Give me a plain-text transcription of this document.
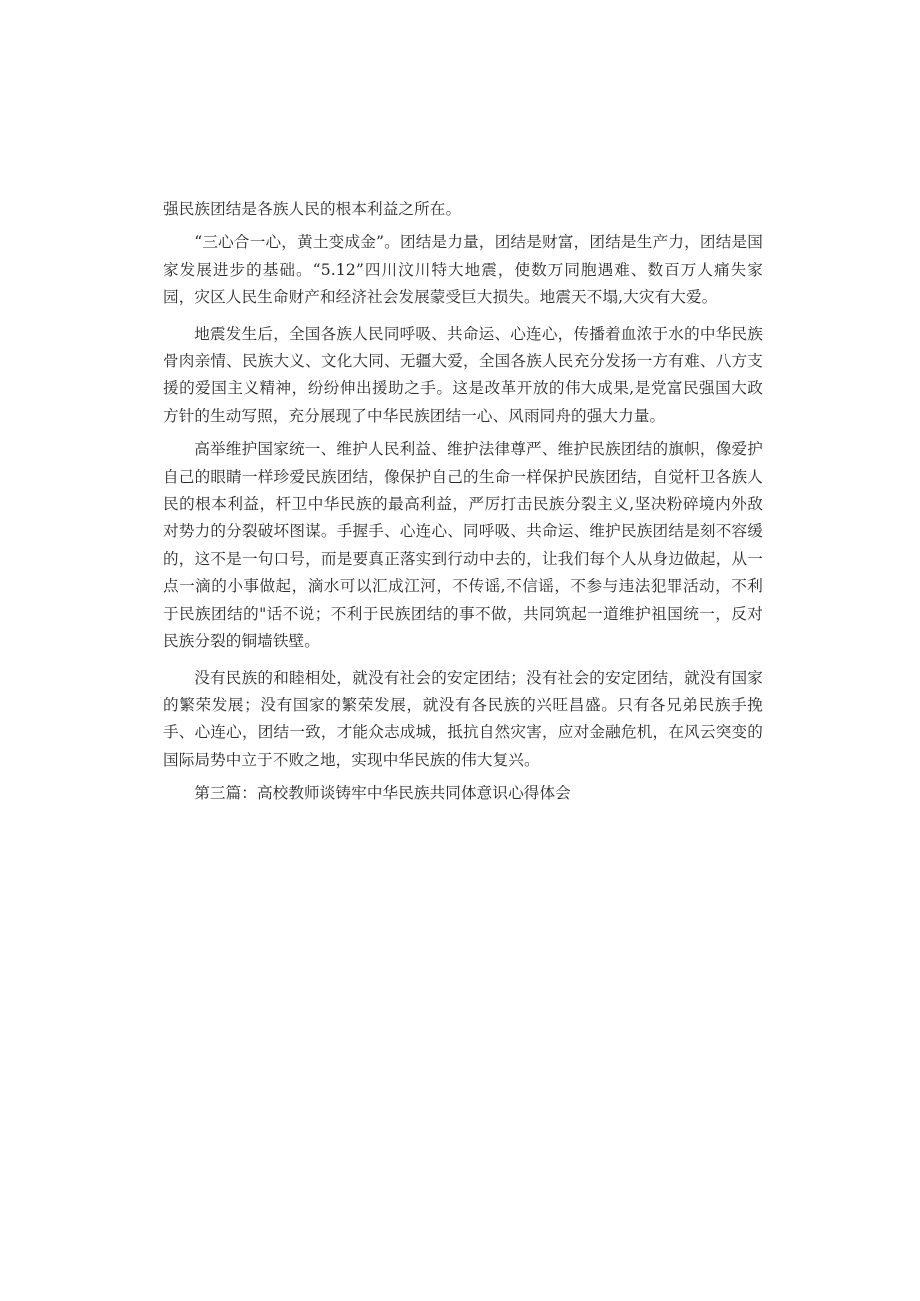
强民族团结是各族人民的根本利益之所在。

“三心合一心，黄土变成金”。团结是力量，团结是财富，团结是生产力，团结是国家发展进步的基础。“5.12”四川汶川特大地震，使数万同胞遇难、数百万人痛失家园，灾区人民生命财产和经济社会发展蒙受巨大损失。地震天不塌,大灾有大爱。

地震发生后，全国各族人民同呼吸、共命运、心连心，传播着血浓于水的中华民族骨肉亲情、民族大义、文化大同、无疆大爱，全国各族人民充分发扬一方有难、八方支援的爱国主义精神，纷纷伸出援助之手。这是改革开放的伟大成果,是党富民强国大政方针的生动写照，充分展现了中华民族团结一心、风雨同舟的强大力量。

高举维护国家统一、维护人民利益、维护法律尊严、维护民族团结的旗帜，像爱护自己的眼睛一样珍爱民族团结，像保护自己的生命一样保护民族团结，自觉杆卫各族人民的根本利益，杆卫中华民族的最高利益，严厉打击民族分裂主义,坚决粉碎境内外敌对势力的分裂破坏图谋。手握手、心连心、同呼吸、共命运、维护民族团结是刻不容缓的，这不是一句口号，而是要真正落实到行动中去的，让我们每个人从身边做起，从一点一滴的小事做起，滴水可以汇成江河，不传谣,不信谣，不参与违法犯罪活动，不利于民族团结的"话不说；不利于民族团结的事不做，共同筑起一道维护祖国统一，反对民族分裂的铜墙铁壁。

没有民族的和睦相处，就没有社会的安定团结；没有社会的安定团结，就没有国家的繁荣发展；没有国家的繁荣发展，就没有各民族的兴旺昌盛。只有各兄弟民族手挽手、心连心，团结一致，才能众志成城，抵抗自然灾害，应对金融危机，在风云突变的国际局势中立于不败之地，实现中华民族的伟大复兴。

第三篇：高校教师谈铸牢中华民族共同体意识心得体会
